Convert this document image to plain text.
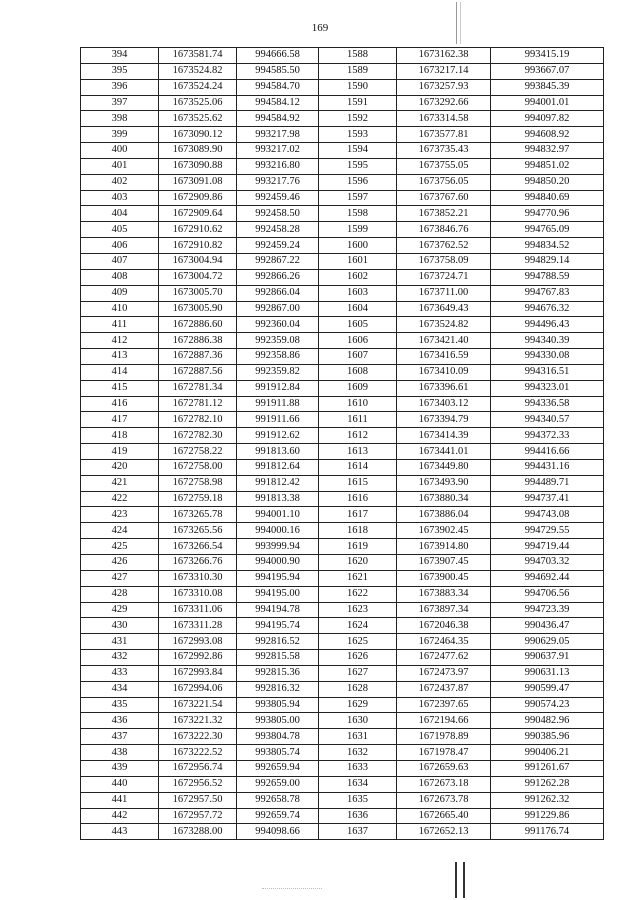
169
394	1673581.74	994666.58	1588	1673162.38	993415.19
395	1673524.82	994585.50	1589	1673217.14	993667.07
396	1673524.24	994584.70	1590	1673257.93	993845.39
397	1673525.06	994584.12	1591	1673292.66	994001.01
398	1673525.62	994584.92	1592	1673314.58	994097.82
399	1673090.12	993217.98	1593	1673577.81	994608.92
400	1673089.90	993217.02	1594	1673735.43	994832.97
401	1673090.88	993216.80	1595	1673755.05	994851.02
402	1673091.08	993217.76	1596	1673756.05	994850.20
403	1672909.86	992459.46	1597	1673767.60	994840.69
404	1672909.64	992458.50	1598	1673852.21	994770.96
405	1672910.62	992458.28	1599	1673846.76	994765.09
406	1672910.82	992459.24	1600	1673762.52	994834.52
407	1673004.94	992867.22	1601	1673758.09	994829.14
408	1673004.72	992866.26	1602	1673724.71	994788.59
409	1673005.70	992866.04	1603	1673711.00	994767.83
410	1673005.90	992867.00	1604	1673649.43	994676.32
411	1672886.60	992360.04	1605	1673524.82	994496.43
412	1672886.38	992359.08	1606	1673421.40	994340.39
413	1672887.36	992358.86	1607	1673416.59	994330.08
414	1672887.56	992359.82	1608	1673410.09	994316.51
415	1672781.34	991912.84	1609	1673396.61	994323.01
416	1672781.12	991911.88	1610	1673403.12	994336.58
417	1672782.10	991911.66	1611	1673394.79	994340.57
418	1672782.30	991912.62	1612	1673414.39	994372.33
419	1672758.22	991813.60	1613	1673441.01	994416.66
420	1672758.00	991812.64	1614	1673449.80	994431.16
421	1672758.98	991812.42	1615	1673493.90	994489.71
422	1672759.18	991813.38	1616	1673880.34	994737.41
423	1673265.78	994001.10	1617	1673886.04	994743.08
424	1673265.56	994000.16	1618	1673902.45	994729.55
425	1673266.54	993999.94	1619	1673914.80	994719.44
426	1673266.76	994000.90	1620	1673907.45	994703.32
427	1673310.30	994195.94	1621	1673900.45	994692.44
428	1673310.08	994195.00	1622	1673883.34	994706.56
429	1673311.06	994194.78	1623	1673897.34	994723.39
430	1673311.28	994195.74	1624	1672046.38	990436.47
431	1672993.08	992816.52	1625	1672464.35	990629.05
432	1672992.86	992815.58	1626	1672477.62	990637.91
433	1672993.84	992815.36	1627	1672473.97	990631.13
434	1672994.06	992816.32	1628	1672437.87	990599.47
435	1673221.54	993805.94	1629	1672397.65	990574.23
436	1673221.32	993805.00	1630	1672194.66	990482.96
437	1673222.30	993804.78	1631	1671978.89	990385.96
438	1673222.52	993805.74	1632	1671978.47	990406.21
439	1672956.74	992659.94	1633	1672659.63	991261.67
440	1672956.52	992659.00	1634	1672673.18	991262.28
441	1672957.50	992658.78	1635	1672673.78	991262.32
442	1672957.72	992659.74	1636	1672665.40	991229.86
443	1673288.00	994098.66	1637	1672652.13	991176.74
